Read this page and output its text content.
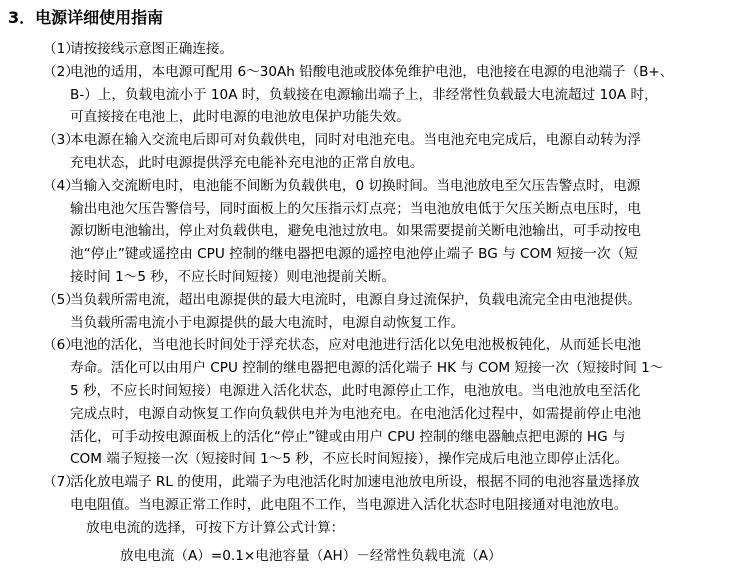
3．电源详细使用指南
（1）
请按接线示意图正确连接。
（2）
电池的适用，本电源可配用 6～30Ah 铅酸电池或胶体免维护电池，电池接在电源的电池端子（B+、
B-）上，负载电流小于 10A 时，负载接在电源输出端子上，非经常性负载最大电流超过 10A 时，
可直接接在电池上，此时电源的电池放电保护功能失效。
（3）
本电源在输入交流电后即可对负载供电，同时对电池充电。当电池充电完成后，电源自动转为浮
充电状态，此时电源提供浮充电能补充电池的正常自放电。
（4）
当输入交流断电时，电池能不间断为负载供电，0 切换时间。当电池放电至欠压告警点时，电源
输出电池欠压告警信号，同时面板上的欠压指示灯点亮；当电池放电低于欠压关断点电压时，电
源切断电池输出，停止对负载供电，避免电池过放电。如果需要提前关断电池输出，可手动按电
池“停止”键或遥控由 CPU 控制的继电器把电源的遥控电池停止端子 BG 与 COM 短接一次（短
接时间 1～5 秒，不应长时间短接）则电池提前关断。
（5）
当负载所需电流，超出电源提供的最大电流时，电源自身过流保护，负载电流完全由电池提供。
当负载所需电流小于电源提供的最大电流时，电源自动恢复工作。
（6）
电池的活化，当电池长时间处于浮充状态，应对电池进行活化以免电池极板钝化，从而延长电池
寿命。活化可以由用户 CPU 控制的继电器把电源的活化端子 HK 与 COM 短接一次（短接时间 1～
5 秒，不应长时间短接）电源进入活化状态，此时电源停止工作，电池放电。当电池放电至活化
完成点时，电源自动恢复工作向负载供电并为电池充电。在电池活化过程中，如需提前停止电池
活化，可手动按电源面板上的活化“停止”键或由用户 CPU 控制的继电器触点把电源的 HG 与
COM 端子短接一次（短接时间 1～5 秒，不应长时间短接），操作完成后电池立即停止活化。
（7）
活化放电端子 RL 的使用，此端子为电池活化时加速电池放电所设，根据不同的电池容量选择放
电电阻值。当电源正常工作时，此电阻不工作，当电源进入活化状态时电阻接通对电池放电。
放电电流的选择，可按下方计算公式计算：
放电电流（A）=0.1×电池容量（AH）－经常性负载电流（A）
